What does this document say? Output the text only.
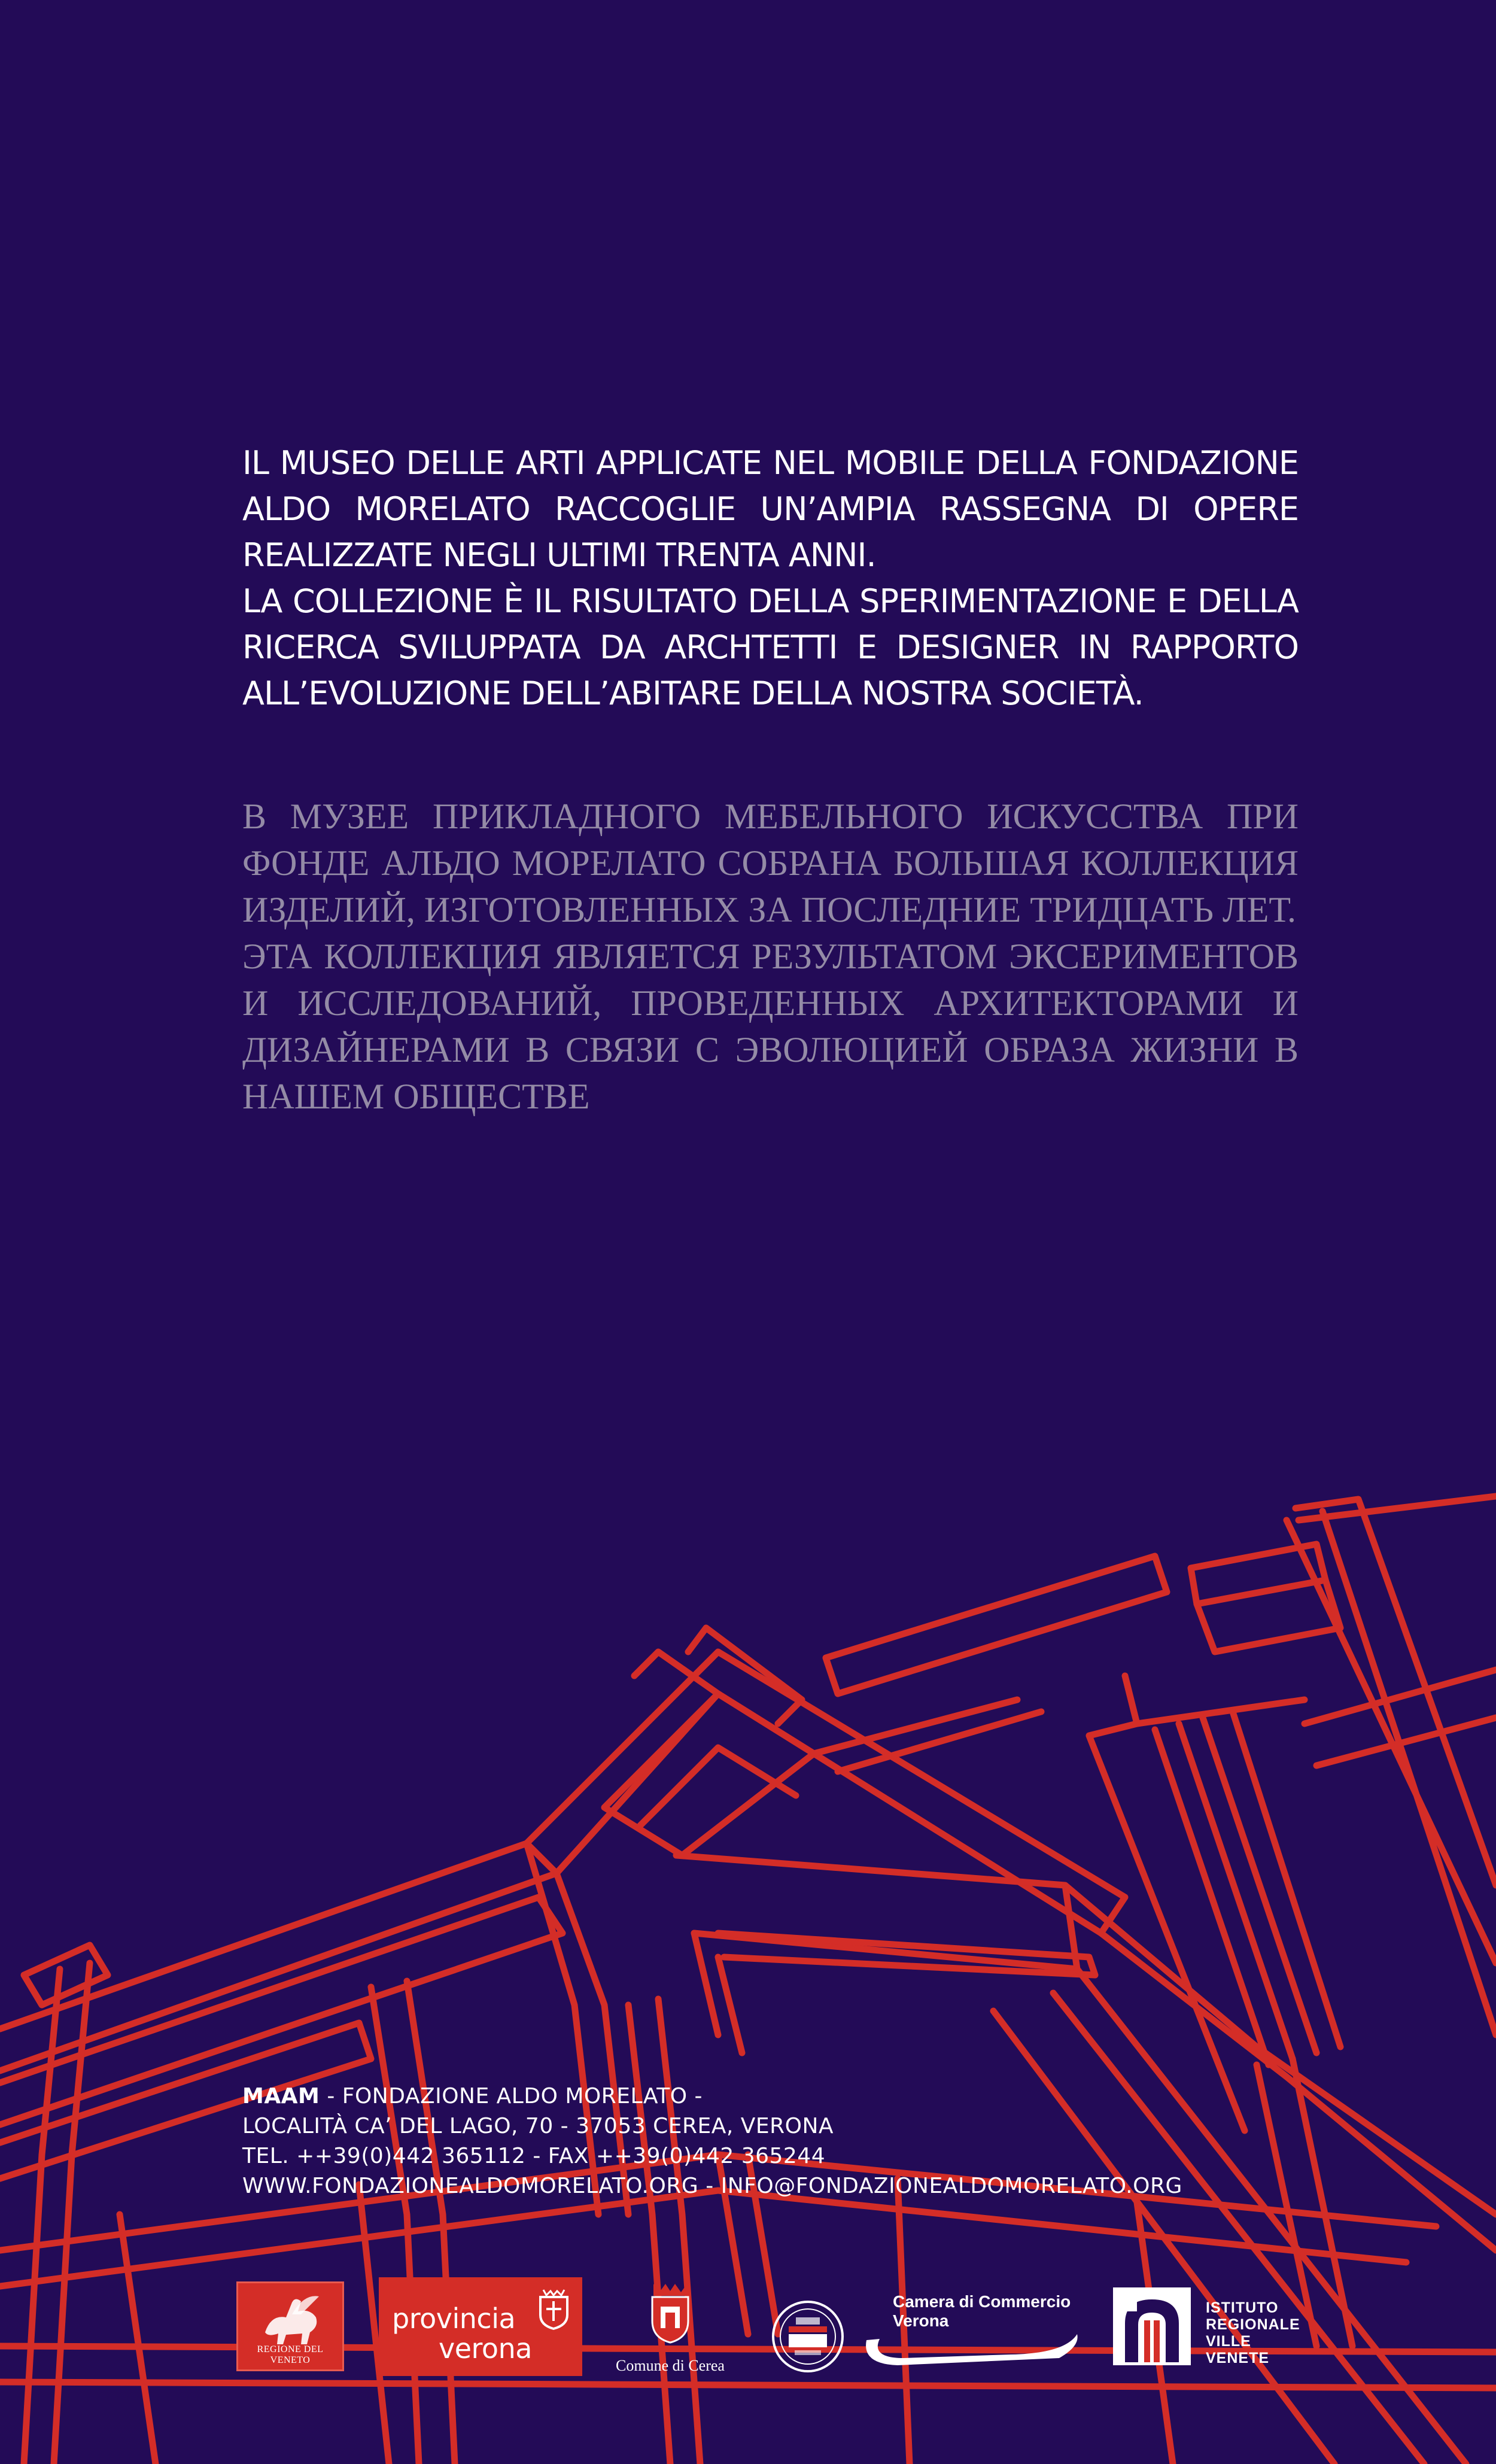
IL MUSEO DELLE ARTI APPLICATE NEL MOBILE DELLA FONDAZIONE ALDO MORELATO RACCOGLIE UN’AMPIA RASSEGNA DI OPERE REALIZZATE NEGLI ULTIMI TRENTA ANNI.

LA COLLEZIONE È IL RISULTATO DELLA SPERIMENTAZIONE E DELLA RICERCA SVILUPPATA DA ARCHTETTI E DESIGNER IN RAPPORTO ALL’EVOLUZIONE DELL’ABITARE DELLA NOSTRA SOCIETÀ.

В МУЗЕЕ ПРИКЛАДНОГО МЕБЕЛЬНОГО ИСКУССТВА ПРИ ФОНДЕ АЛЬДО МОРЕЛАТО СОБРАНА БОЛЬШАЯ КОЛЛЕКЦИЯ ИЗДЕЛИЙ, ИЗГОТОВЛЕННЫХ ЗА ПОСЛЕДНИЕ ТРИДЦАТЬ ЛЕТ.

ЭТА КОЛЛЕКЦИЯ ЯВЛЯЕТСЯ РЕЗУЛЬТАТОМ ЭКСЕРИМЕНТОВ И ИССЛЕДОВАНИЙ, ПРОВЕДЕННЫХ АРХИТЕКТОРАМИ И ДИЗАЙНЕРАМИ В СВЯЗИ С ЭВОЛЮЦИЕЙ ОБРАЗА ЖИЗНИ В НАШЕМ ОБЩЕСТВЕ

MAAM - FONDAZIONE ALDO MORELATO -
LOCALITÀ CA’ DEL LAGO, 70 - 37053 CEREA, VERONA
TEL. ++39(0)442 365112 - FAX ++39(0)442 365244
WWW.FONDAZIONEALDOMORELATO.ORG - INFO@FONDAZIONEALDOMORELATO.ORG
REGIONE DEL VENETO
provincia
verona
Comune di Cerea
Camera di Commercio
Verona
ISTITUTO
REGIONALE
VILLE
VENETE
